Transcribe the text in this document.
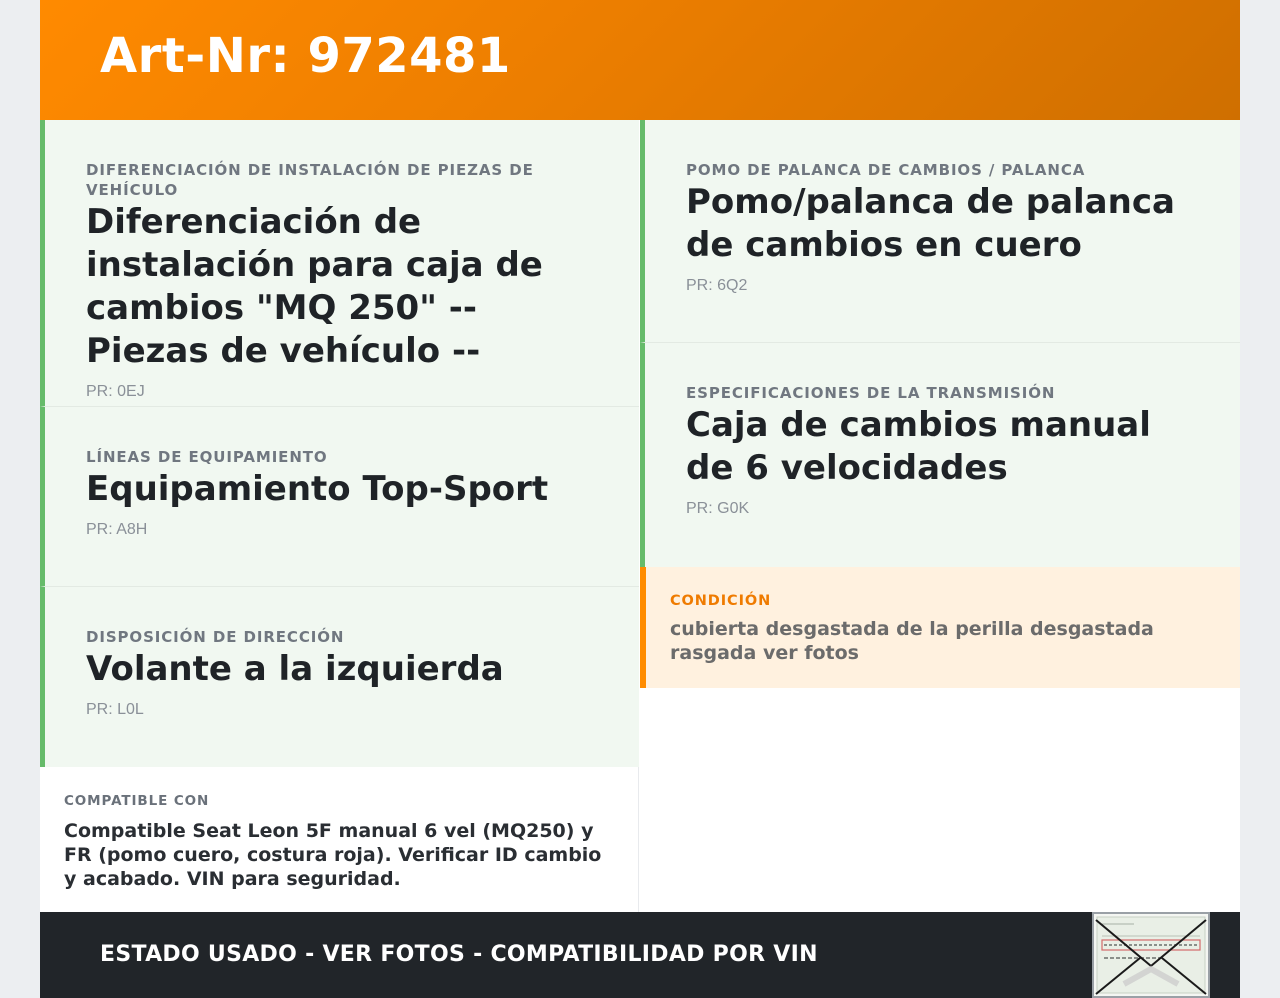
Art-Nr: 972481
DIFERENCIACIÓN DE INSTALACIÓN DE PIEZAS DE VEHÍCULO
Diferenciación de instalación para caja de cambios "MQ 250" -- Piezas de vehículo --
PR: 0EJ
LÍNEAS DE EQUIPAMIENTO
Equipamiento Top-Sport
PR: A8H
DISPOSICIÓN DE DIRECCIÓN
Volante a la izquierda
PR: L0L
COMPATIBLE CON
Compatible Seat Leon 5F manual 6 vel (MQ250) y FR (pomo cuero, costura roja). Verificar ID cambio y acabado. VIN para seguridad.
POMO DE PALANCA DE CAMBIOS / PALANCA
Pomo/palanca de palanca de cambios en cuero
PR: 6Q2
ESPECIFICACIONES DE LA TRANSMISIÓN
Caja de cambios manual de 6 velocidades
PR: G0K
CONDICIÓN
cubierta desgastada de la perilla desgastada rasgada ver fotos
ESTADO USADO - VER FOTOS - COMPATIBILIDAD POR VIN
